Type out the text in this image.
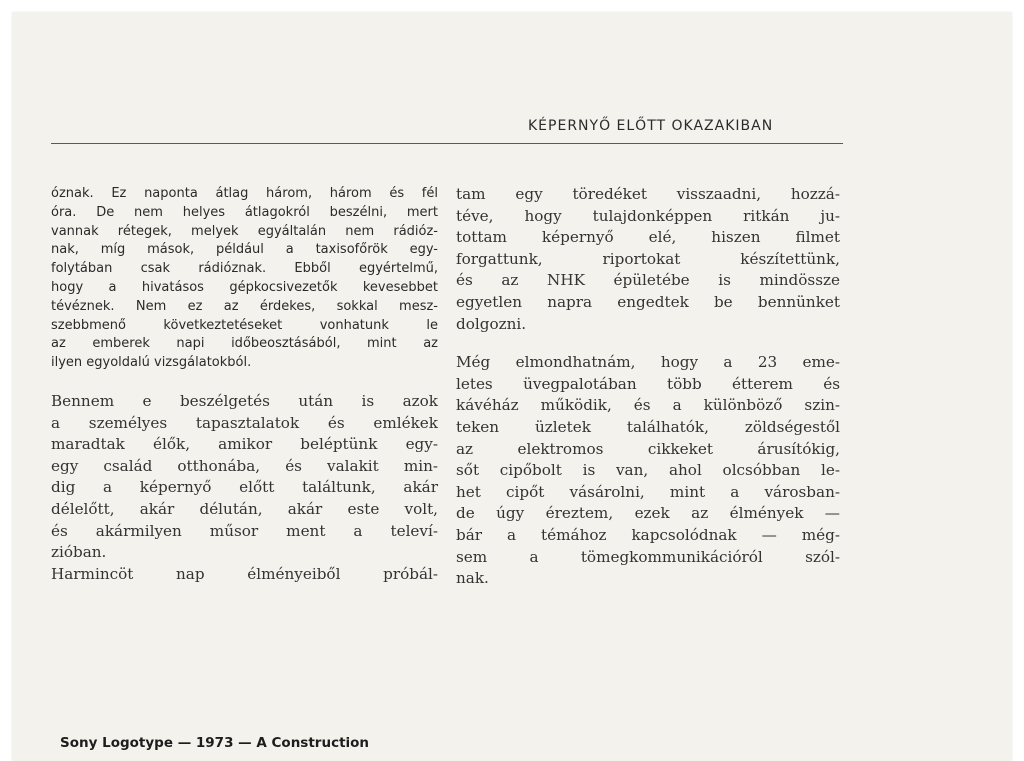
KÉPERNYŐ ELŐTT OKAZAKIBAN
óznak. Ez naponta átlag három, három és fél
óra. De nem helyes átlagokról beszélni, mert
vannak rétegek, melyek egyáltalán nem rádióz-
nak, míg mások, például a taxisofőrök egy-
folytában csak rádióznak. Ebből egyértelmű,
hogy a hivatásos gépkocsivezetők kevesebbet
tévéznek. Nem ez az érdekes, sokkal mesz-
szebbmenő következtetéseket vonhatunk le
az emberek napi időbeosztásából, mint az
ilyen egyoldalú vizsgálatokból.
Bennem e beszélgetés után is azok
a személyes tapasztalatok és emlékek
maradtak élők, amikor beléptünk egy-
egy család otthonába, és valakit min-
dig a képernyő előtt találtunk, akár
délelőtt, akár délután, akár este volt,
és akármilyen műsor ment a televí-
zióban.
Harmincöt nap élményeiből próbál-
tam egy töredéket visszaadni, hozzá-
téve, hogy tulajdonképpen ritkán ju-
tottam képernyő elé, hiszen filmet
forgattunk, riportokat készítettünk,
és az NHK épületébe is mindössze
egyetlen napra engedtek be bennünket
dolgozni.
Még elmondhatnám, hogy a 23 eme-
letes üvegpalotában több étterem és
kávéház működik, és a különböző szin-
teken üzletek találhatók, zöldségestől
az elektromos cikkeket árusítókig,
sőt cipőbolt is van, ahol olcsóbban le-
het cipőt vásárolni, mint a városban-
de úgy éreztem, ezek az élmények —
bár a témához kapcsolódnak — még-
sem a tömegkommunikációról szól-
nak.
Sony Logotype — 1973 — A Construction
